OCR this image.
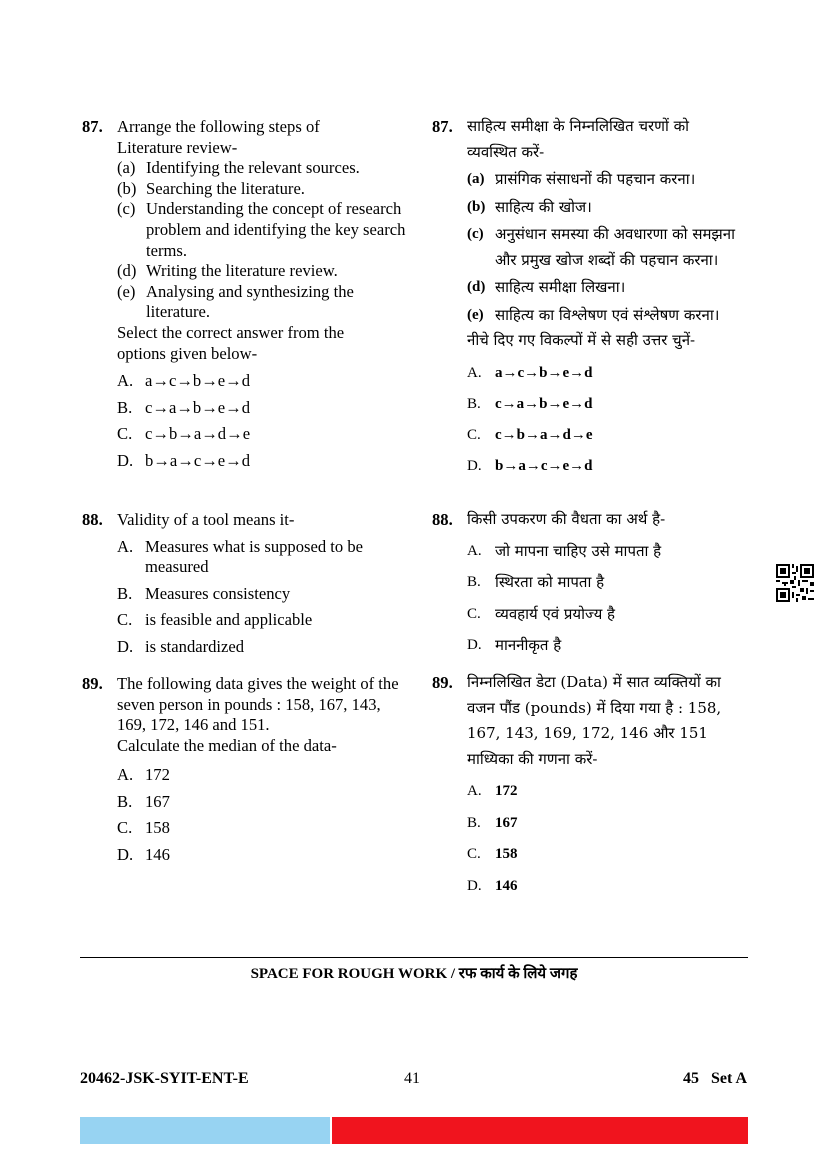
87. Arrange the following steps of Literature review-
(a) Identifying the relevant sources.
(b) Searching the literature.
(c) Understanding the concept of research problem and identifying the key search terms.
(d) Writing the literature review.
(e) Analysing and synthesizing the literature.
Select the correct answer from the options given below-
A. a→c→b→e→d
B. c→a→b→e→d
C. c→b→a→d→e
D. b→a→c→e→d
88. Validity of a tool means it-
A. Measures what is supposed to be measured
B. Measures consistency
C. is feasible and applicable
D. is standardized
89. The following data gives the weight of the seven person in pounds : 158, 167, 143, 169, 172, 146 and 151.
Calculate the median of the data-
A. 172
B. 167
C. 158
D. 146
87. साहित्य समीक्षा के निम्नलिखित चरणों को व्यवस्थित करें-
(a) प्रासंगिक संसाधनों की पहचान करना।
(b) साहित्य की खोज।
(c) अनुसंधान समस्या की अवधारणा को समझना और प्रमुख खोज शब्दों की पहचान करना।
(d) साहित्य समीक्षा लिखना।
(e) साहित्य का विश्लेषण एवं संश्लेषण करना।
नीचे दिए गए विकल्पों में से सही उत्तर चुनें-
A. a→c→b→e→d
B. c→a→b→e→d
C. c→b→a→d→e
D. b→a→c→e→d
88. किसी उपकरण की वैधता का अर्थ है-
A. जो मापना चाहिए उसे मापता है
B. स्थिरता को मापता है
C. व्यवहार्य एवं प्रयोज्य है
D. माननीकृत है
89. निम्नलिखित डेटा (Data) में सात व्यक्तियों का वजन पौंड (pounds) में दिया गया है : 158, 167, 143, 169, 172, 146 और 151
माध्यिका की गणना करें-
A. 172
B. 167
C. 158
D. 146
SPACE FOR ROUGH WORK / रफ कार्य के लिये जगह
20462-JSK-SYIT-ENT-E	41	45   Set A
